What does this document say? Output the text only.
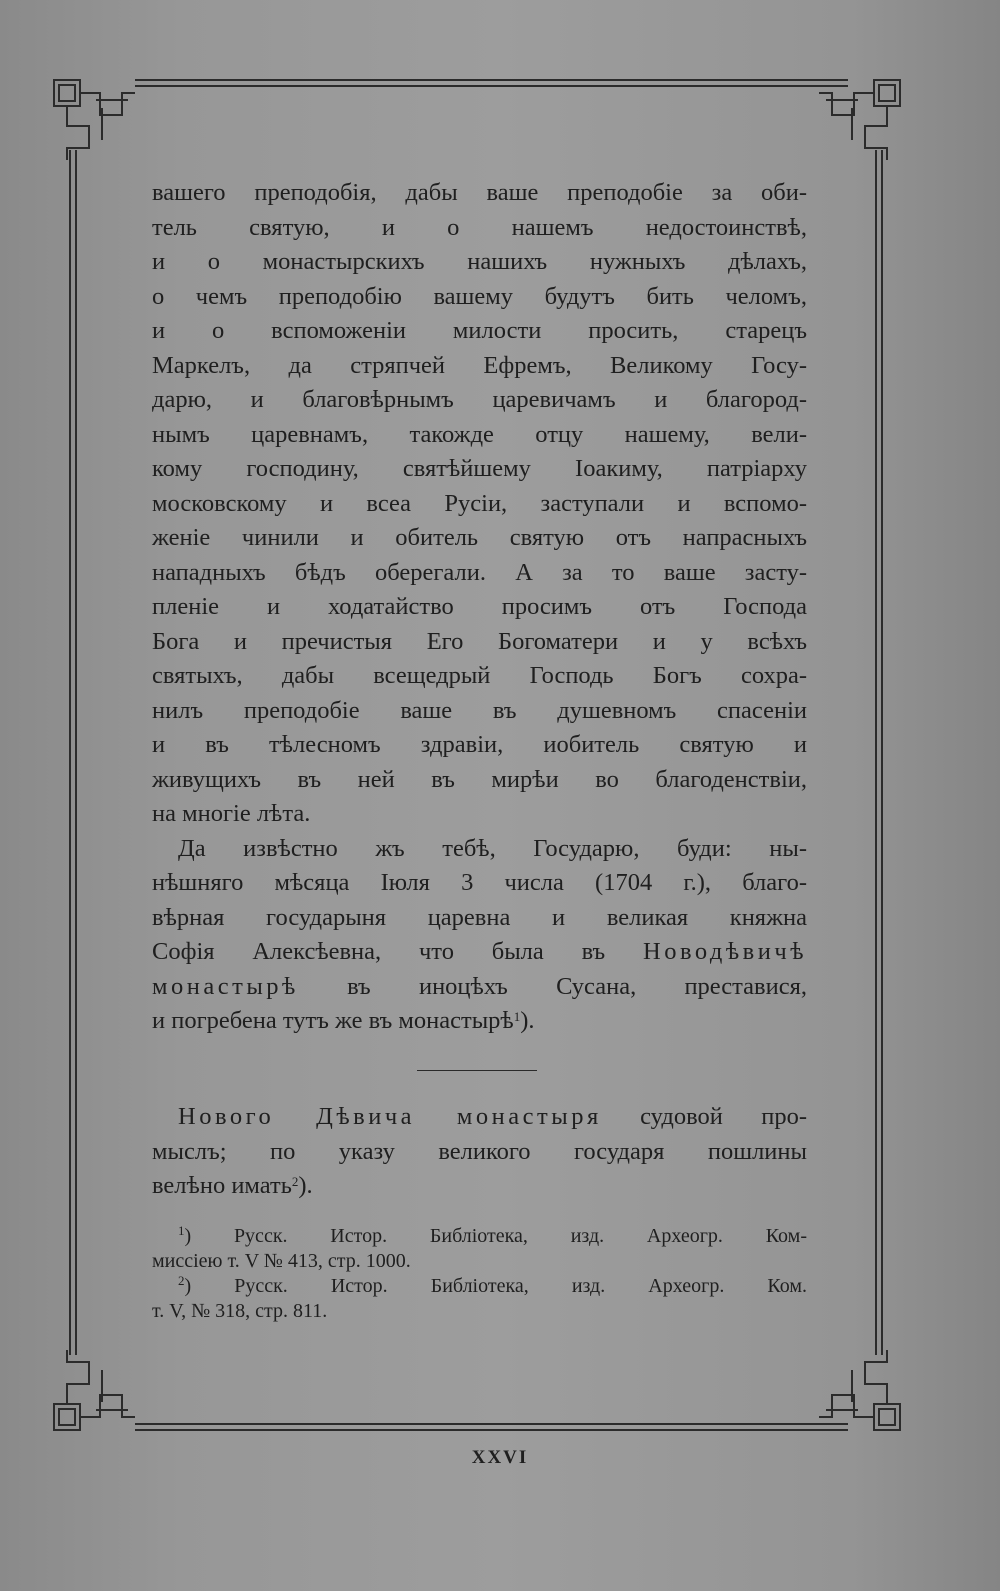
вашего преподобія, дабы ваше преподобіе за оби-
тель святую, и о нашемъ недостоинствѣ,
и о монастырскихъ нашихъ нужныхъ дѣлахъ,
о чемъ преподобію вашему будутъ бить челомъ,
и о вспоможеніи милости просить, старецъ
Маркелъ, да стряпчей Ефремъ, Великому Госу-
дарю, и благовѣрнымъ царевичамъ и благород-
нымъ царевнамъ, такожде отцу нашему, вели-
кому господину, святѣйшему Іоакиму, патріарху
московскому и всеа Русіи, заступали и вспомо-
женіе чинили и обитель святую отъ напрасныхъ
нападныхъ бѣдъ оберегали. А за то ваше засту-
пленіе и ходатайство просимъ отъ Господа
Бога и пречистыя Его Богоматери и у всѣхъ
святыхъ, дабы всещедрый Господь Богъ сохра-
нилъ преподобіе ваше въ душевномъ спасеніи
и въ тѣлесномъ здравіи, иобитель святую и
живущихъ въ ней въ мирѣи во благоденствіи,
на многіе лѣта.
Да извѣстно жъ тебѣ, Государю, буди: ны-
нѣшняго мѣсяца Іюля 3 числа (1704 г.), благо-
вѣрная государыня царевна и великая княжна
Софія Алексѣевна, что была въ Новодѣвичѣ
монастырѣ въ иноцѣхъ Сусана, преставися,
и погребена тутъ же въ монастырѣ$^1$).
Нового Дѣвича монастыря судовой про-
мыслъ; по указу великого государя пошлины
велѣно имать$^2$).
$^1$) Русск. Истор. Библіотека, изд. Археогр. Ком-
миссіею т. V № 413, стр. 1000.
$^2$) Русск. Истор. Библіотека, изд. Археогр. Ком.
т. V, № 318, стр. 811.
XXVI
